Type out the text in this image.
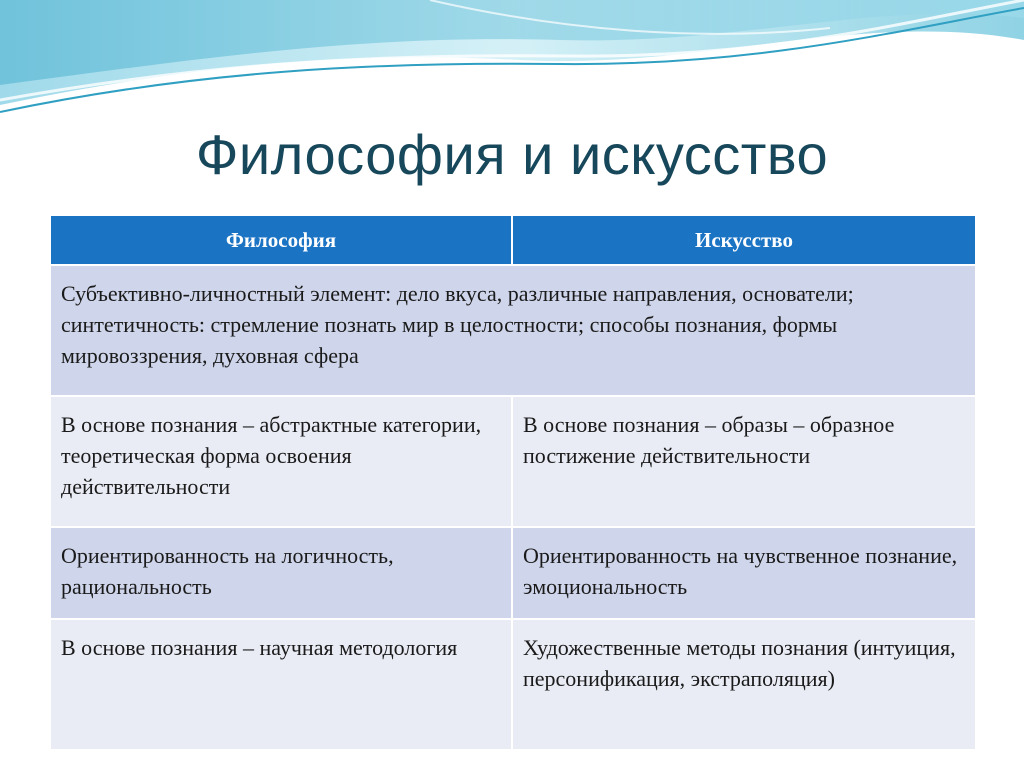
Философия и искусство
Философия	Искусство
Субъективно-личностный элемент: дело вкуса, различные направления, основатели; синтетичность: стремление познать мир в целостности; способы познания, формы мировоззрения, духовная сфера	
В основе познания – абстрактные категории, теоретическая форма освоения действительности	В основе познания – образы – образное постижение действительности
Ориентированность на логичность, рациональность	Ориентированность на чувственное познание, эмоциональность
В основе познания – научная методология	Художественные методы познания (интуиция, персонификация, экстраполяция)
